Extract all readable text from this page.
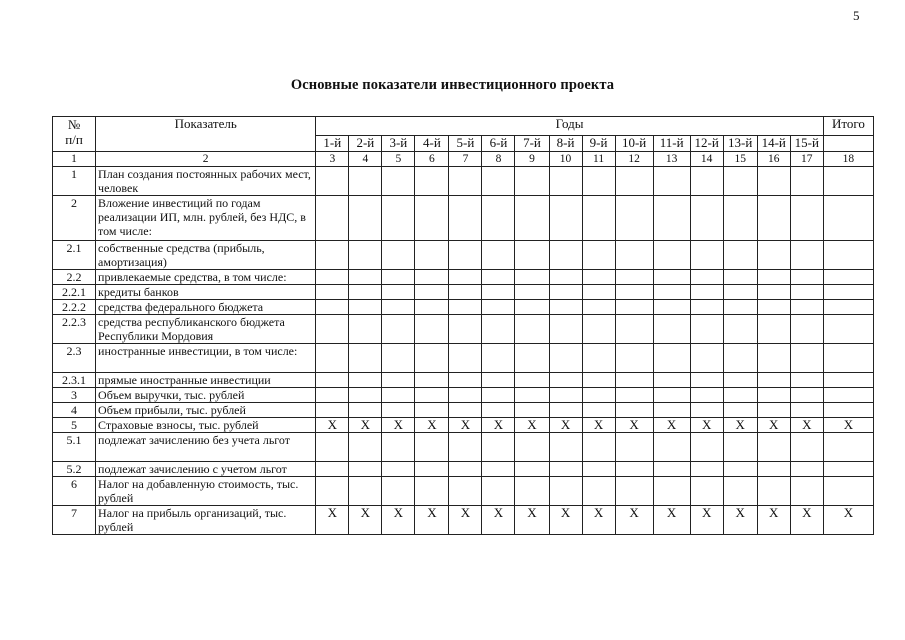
5
Основные показатели инвестиционного проекта
№
п/п	Показатель	Годы															Итого
		1-й	2-й	3-й	4-й	5-й	6-й	7-й	8-й	9-й	10-й	11-й	12-й	13-й	14-й	15-й	
1	2	3	4	5	6	7	8	9	10	11	12	13	14	15	16	17	18
1	План создания постоянных рабочих мест, человек																
2	Вложение инвестиций по годам реализации ИП, млн. рублей, без НДС, в том числе:																
2.1	собственные средства (прибыль, амортизация)																
2.2	привлекаемые средства, в том числе:																
2.2.1	кредиты банков																
2.2.2	средства федерального бюджета																
2.2.3	средства республиканского бюджета Республики Мордовия																
2.3	иностранные инвестиции, в том числе:																
2.3.1	прямые иностранные инвестиции																
3	Объем выручки, тыс. рублей																
4	Объем прибыли, тыс. рублей																
5	Страховые взносы, тыс. рублей	X	X	X	X	X	X	X	X	X	X	X	X	X	X	X	X
5.1	подлежат зачислению без учета льгот																
5.2	подлежат зачислению с учетом льгот																
6	Налог на добавленную стоимость, тыс. рублей																
7	Налог на прибыль организаций, тыс. рублей	X	X	X	X	X	X	X	X	X	X	X	X	X	X	X	X
